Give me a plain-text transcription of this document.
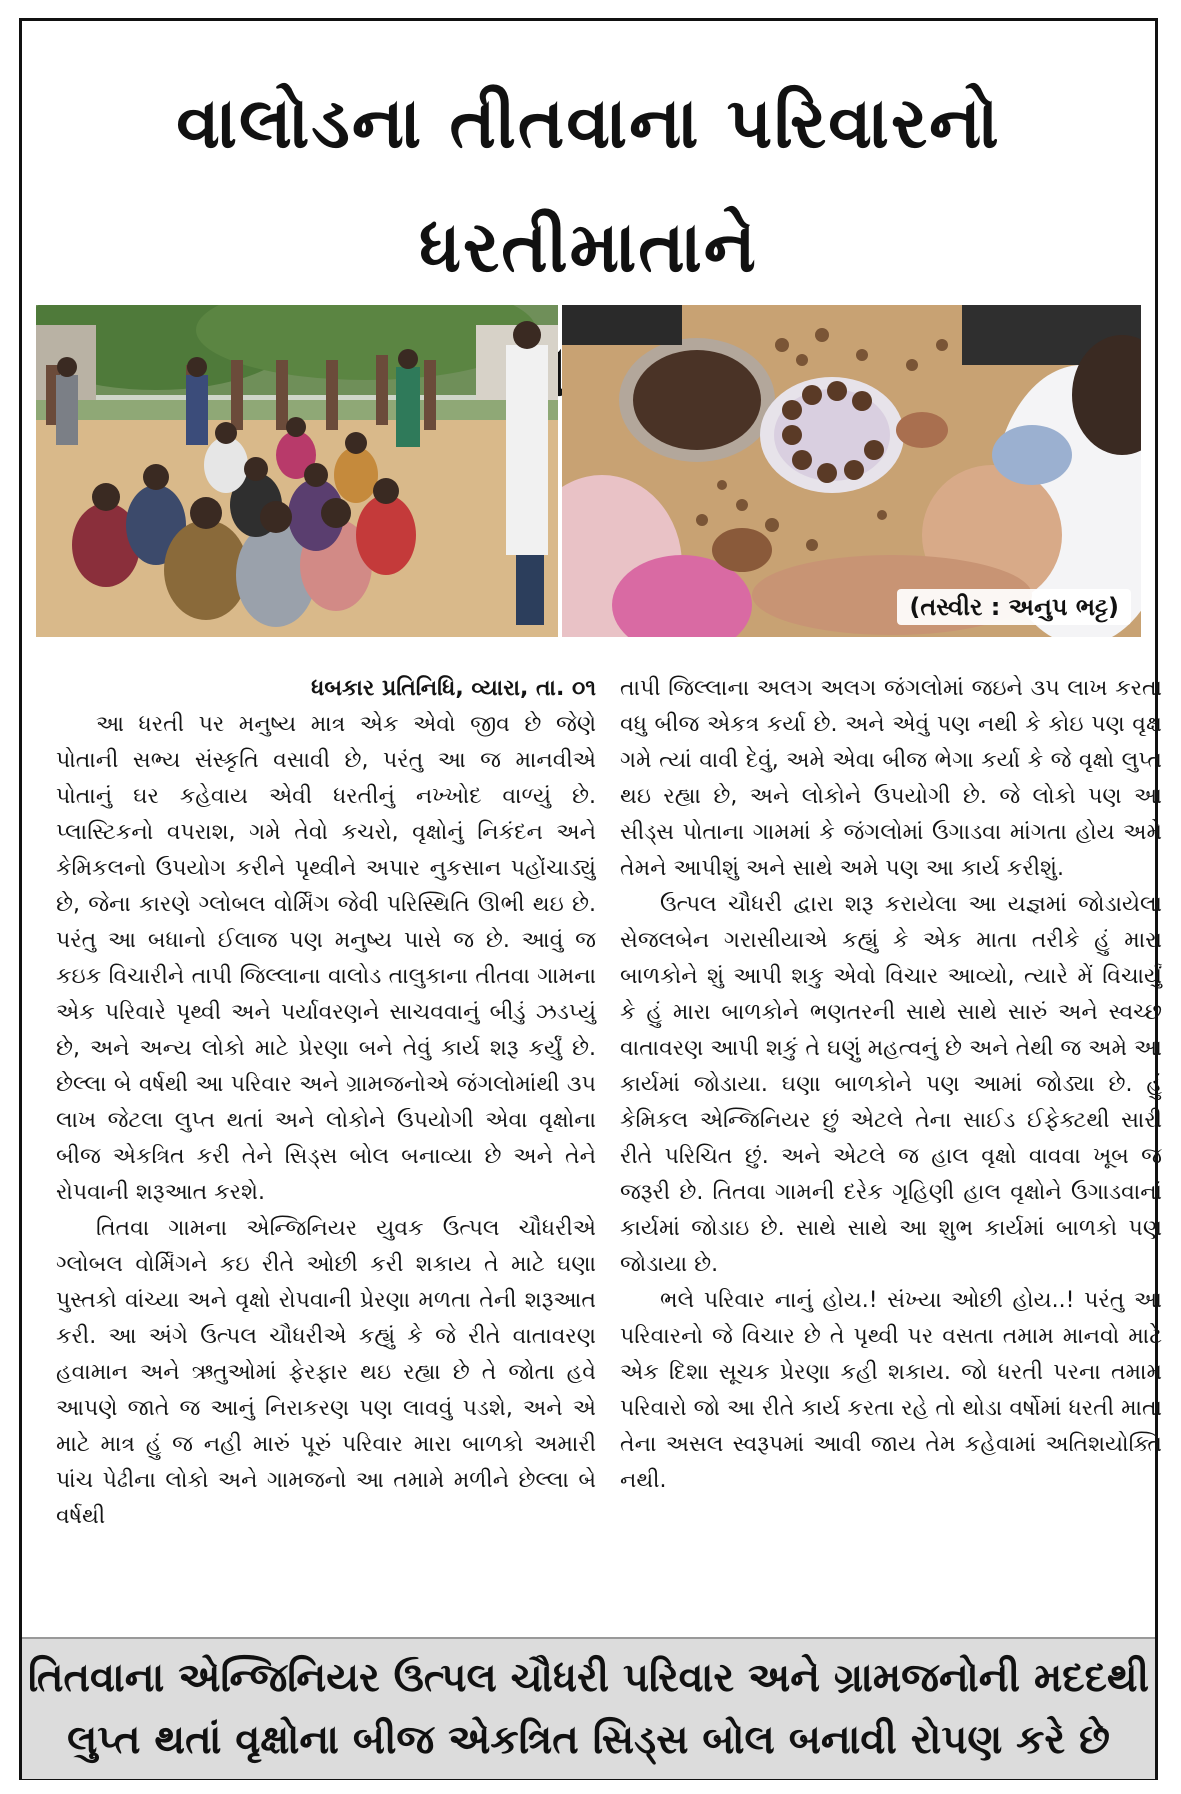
વાલોડના તીતવાના પરિવારનો ધરતીમાતાને
(તસ્વીર : અનુપ ભટ્ટ)

ધબકાર પ્રતિનિધિ, વ્યારા, તા. ૦૧

આ ધરતી પર મનુષ્ય માત્ર એક એવો જીવ છે જેણે પોતાની સભ્ય સંસ્કૃતિ વસાવી છે, પરંતુ આ જ માનવીએ પોતાનું ઘર કહેવાય એવી ધરતીનું નખ્ખોદ વાળ્યું છે. પ્લાસ્ટિકનો વપરાશ, ગમે તેવો કચરો, વૃક્ષોનું નિકંદન અને કેમિકલનો ઉપયોગ કરીને પૃથ્વીને અપાર નુકસાન પહોંચાડ્યું છે, જેના કારણે ગ્લોબલ વોર્મિંગ જેવી પરિસ્થિતિ ઊભી થઇ છે. પરંતુ આ બધાનો ઈલાજ પણ મનુષ્ય પાસે જ છે. આવું જ કઇક વિચારીને તાપી જિલ્લાના વાલોડ તાલુકાના તીતવા ગામના એક પરિવારે પૃથ્વી અને પર્યાવરણને સાચવવાનું બીડું ઝડપ્યું છે, અને અન્ય લોકો માટે પ્રેરણા બને તેવું કાર્ય શરૂ કર્યું છે. છેલ્લા બે વર્ષથી આ પરિવાર અને ગ્રામજનોએ જંગલોમાંથી ૩૫ લાખ જેટલા લુપ્ત થતાં અને લોકોને ઉપયોગી એવા વૃક્ષોના બીજ એકત્રિત કરી તેને સિડ્સ બોલ બનાવ્યા છે અને તેને રોપવાની શરૂઆત કરશે.

તિતવા ગામના એન્જિનિયર યુવક ઉત્પલ ચૌધરીએ ગ્લોબલ વોર્મિંગને કઇ રીતે ઓછી કરી શકાય તે માટે ઘણા પુસ્તકો વાંચ્યા અને વૃક્ષો રોપવાની પ્રેરણા મળતા તેની શરૂઆત કરી. આ અંગે ઉત્પલ ચૌધરીએ કહ્યું કે જે રીતે વાતાવરણ હવામાન અને ઋતુઓમાં ફેરફાર થઇ રહ્યા છે તે જોતા હવે આપણે જાતે જ આનું નિરાકરણ પણ લાવવું પડશે, અને એ માટે માત્ર હું જ નહી મારું પૂરું પરિવાર મારા બાળકો અમારી પાંચ પેઢીના લોકો અને ગામજનો આ તમામે મળીને છેલ્લા બે વર્ષથી

તાપી જિલ્લાના અલગ અલગ જંગલોમાં જઇને ૩૫ લાખ કરતા વધુ બીજ એકત્ર કર્યા છે. અને એવું પણ નથી કે કોઇ પણ વૃક્ષ ગમે ત્યાં વાવી દેવું, અમે એવા બીજ ભેગા કર્યા કે જે વૃક્ષો લુપ્ત થઇ રહ્યા છે, અને લોકોને ઉપયોગી છે. જે લોકો પણ આ સીડ્સ પોતાના ગામમાં કે જંગલોમાં ઉગાડવા માંગતા હોય અમે તેમને આપીશું અને સાથે અમે પણ આ કાર્ય કરીશું.

ઉત્પલ ચૌધરી દ્વારા શરૂ કરાયેલા આ યજ્ઞમાં જોડાયેલા સેજલબેન ગરાસીયાએ કહ્યું કે એક માતા તરીકે હું મારા બાળકોને શું આપી શકુ એવો વિચાર આવ્યો, ત્યારે મેં વિચાર્યું કે હું મારા બાળકોને ભણતરની સાથે સાથે સારું અને સ્વચ્છ વાતાવરણ આપી શકું તે ઘણું મહત્વનું છે અને તેથી જ અમે આ કાર્યમાં જોડાયા. ઘણા બાળકોને પણ આમાં જોડ્યા છે. હું કેમિકલ એન્જિનિયર છું એટલે તેના સાઈડ ઈફેક્ટથી સારી રીતે પરિચિત છું. અને એટલે જ હાલ વૃક્ષો વાવવા ખૂબ જ જરૂરી છે. તિતવા ગામની દરેક ગૃહિણી હાલ વૃક્ષોને ઉગાડવાનાં કાર્યમાં જોડાઇ છે. સાથે સાથે આ શુભ કાર્યમાં બાળકો પણ જોડાયા છે.

ભલે પરિવાર નાનું હોય.! સંખ્યા ઓછી હોય..! પરંતુ આ પરિવારનો જે વિચાર છે તે પૃથ્વી પર વસતા તમામ માનવો માટે એક દિશા સૂચક પ્રેરણા કહી શકાય. જો ધરતી પરના તમામ પરિવારો જો આ રીતે કાર્ય કરતા રહે તો થોડા વર્ષોમાં ધરતી માતા તેના અસલ સ્વરૂપમાં આવી જાય તેમ કહેવામાં અતિશયોક્તિ નથી.

તિતવાના એન્જિનિયર ઉત્પલ ચૌધરી પરિવાર અને ગ્રામજનોની મદદથી
લુપ્ત થતાં વૃક્ષોના બીજ એકત્રિત સિડ્સ બોલ બનાવી રોપણ કરે છે
